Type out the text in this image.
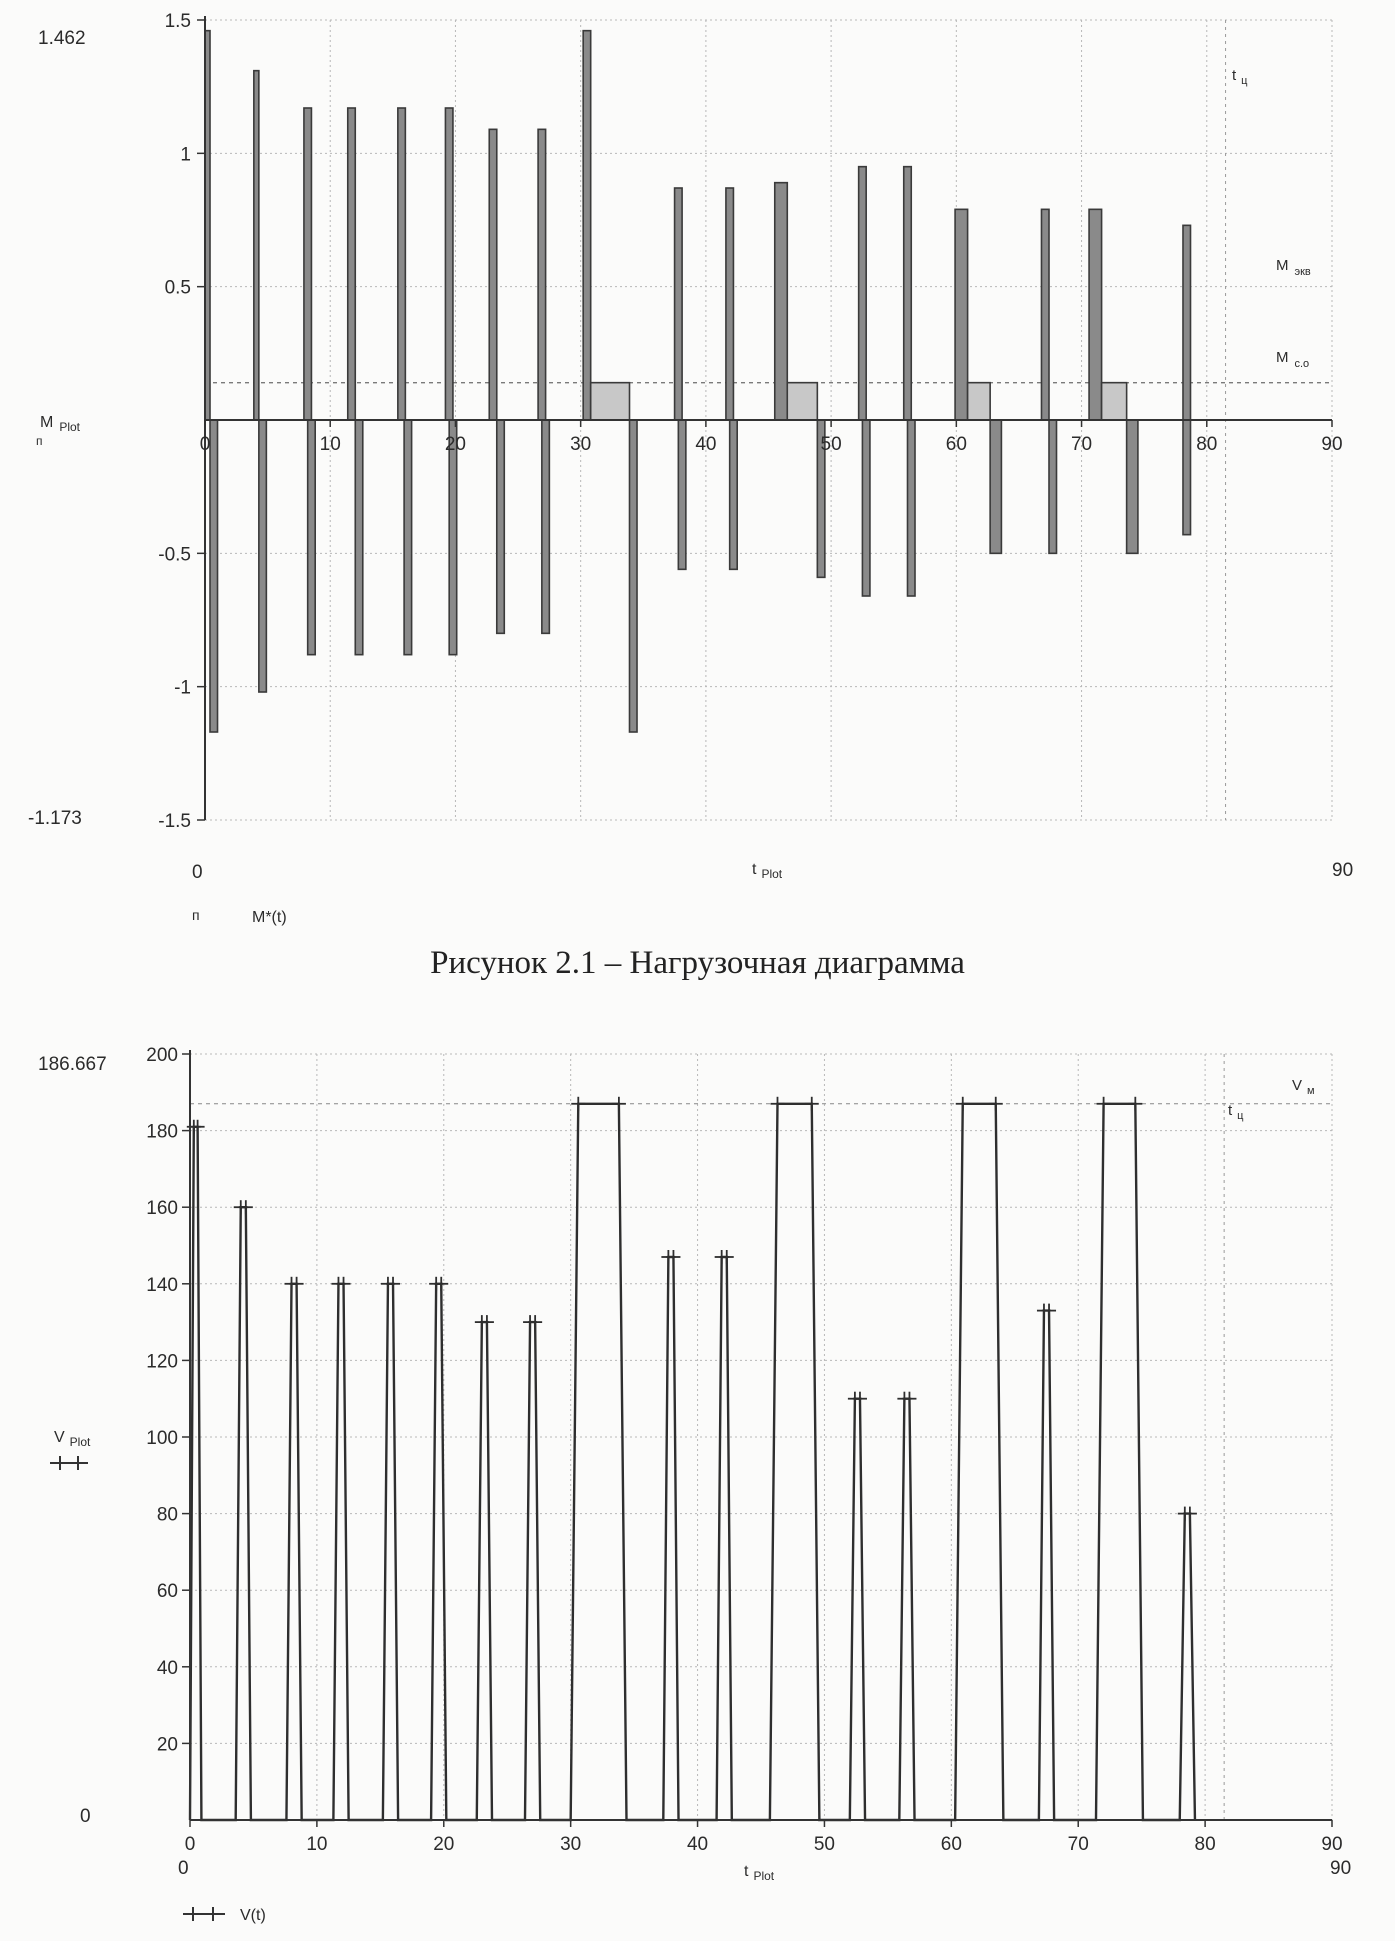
1.5
1
0.5
-0.5
-1
-1.5
0	10	20	30	40	50	60	70	80	90
1.462
-1.173
0	90
M $_{Plot}$
п
t $_{Plot}$
п	M*(t)
t $_ц$
M $_{экв}$
M $_{с.о}$
Рисунок 2.1 – Нагрузочная диаграмма
200
180
160
140
120
100
80
60
40
20
0	10	20	30	40	50	60	70	80	90
186.667
0
0	90
V $_{Plot}$
t $_{Plot}$
V(t)
V $_м$
t $_ц$
